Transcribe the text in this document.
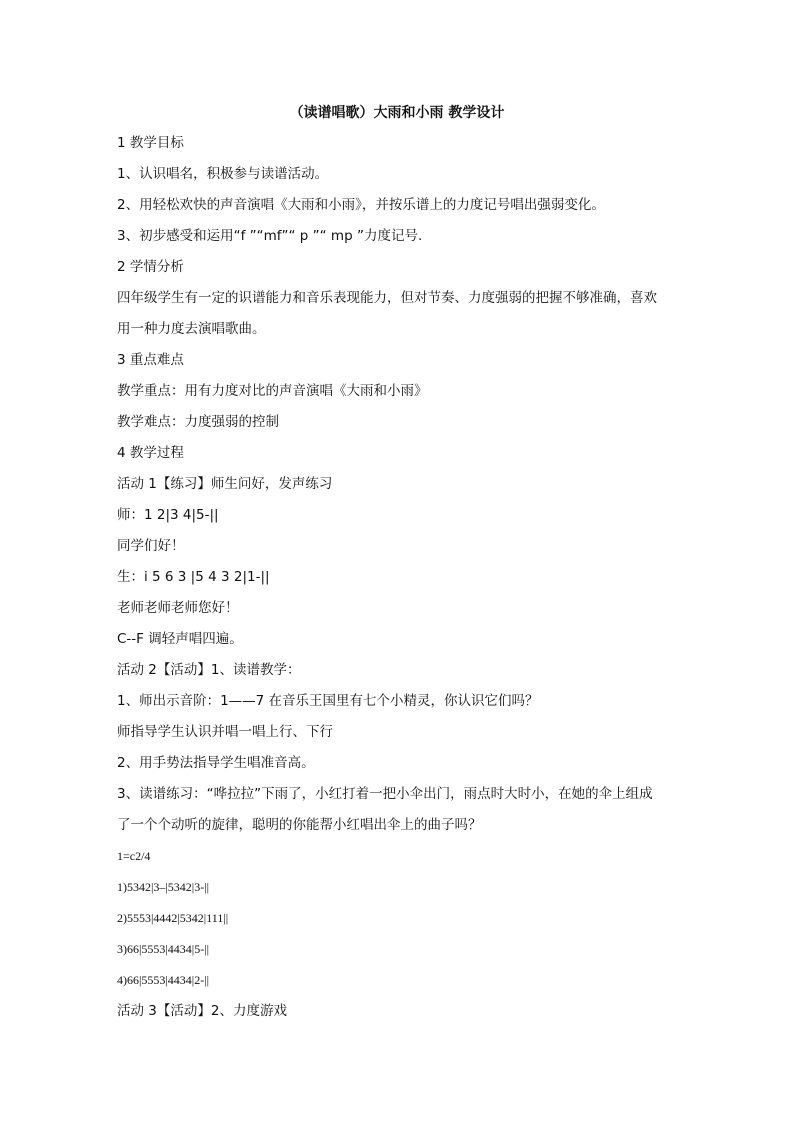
（读谱唱歌）大雨和小雨 教学设计
1 教学目标
1、认识唱名，积极参与读谱活动。
2、用轻松欢快的声音演唱《大雨和小雨》，并按乐谱上的力度记号唱出强弱变化。
3、初步感受和运用“f ”“mf”“ p ”“ mp ”力度记号.
2 学情分析
四年级学生有一定的识谱能力和音乐表现能力，但对节奏、力度强弱的把握不够准确，喜欢
用一种力度去演唱歌曲。
3 重点难点
教学重点：用有力度对比的声音演唱《大雨和小雨》
教学难点：力度强弱的控制
4 教学过程
活动 1【练习】师生问好，发声练习
师：1 2|3 4|5-||
同学们好！
生：i 5 6 3 |5 4 3 2|1-||
老师老师老师您好！
C--F 调轻声唱四遍。
活动 2【活动】1、读谱教学：
1、师出示音阶：1——7 在音乐王国里有七个小精灵，你认识它们吗？
师指导学生认识并唱一唱上行、下行
2、用手势法指导学生唱准音高。
3、读谱练习：“哗拉拉”下雨了，小红打着一把小伞出门，雨点时大时小，在她的伞上组成
了一个个动听的旋律，聪明的你能帮小红唱出伞上的曲子吗？
1=c2/4
1)5342|3–|5342|3-||
2)5553|4442|5342|111||
3)66|5553|4434|5-||
4)66|5553|4434|2-||
活动 3【活动】2、力度游戏
